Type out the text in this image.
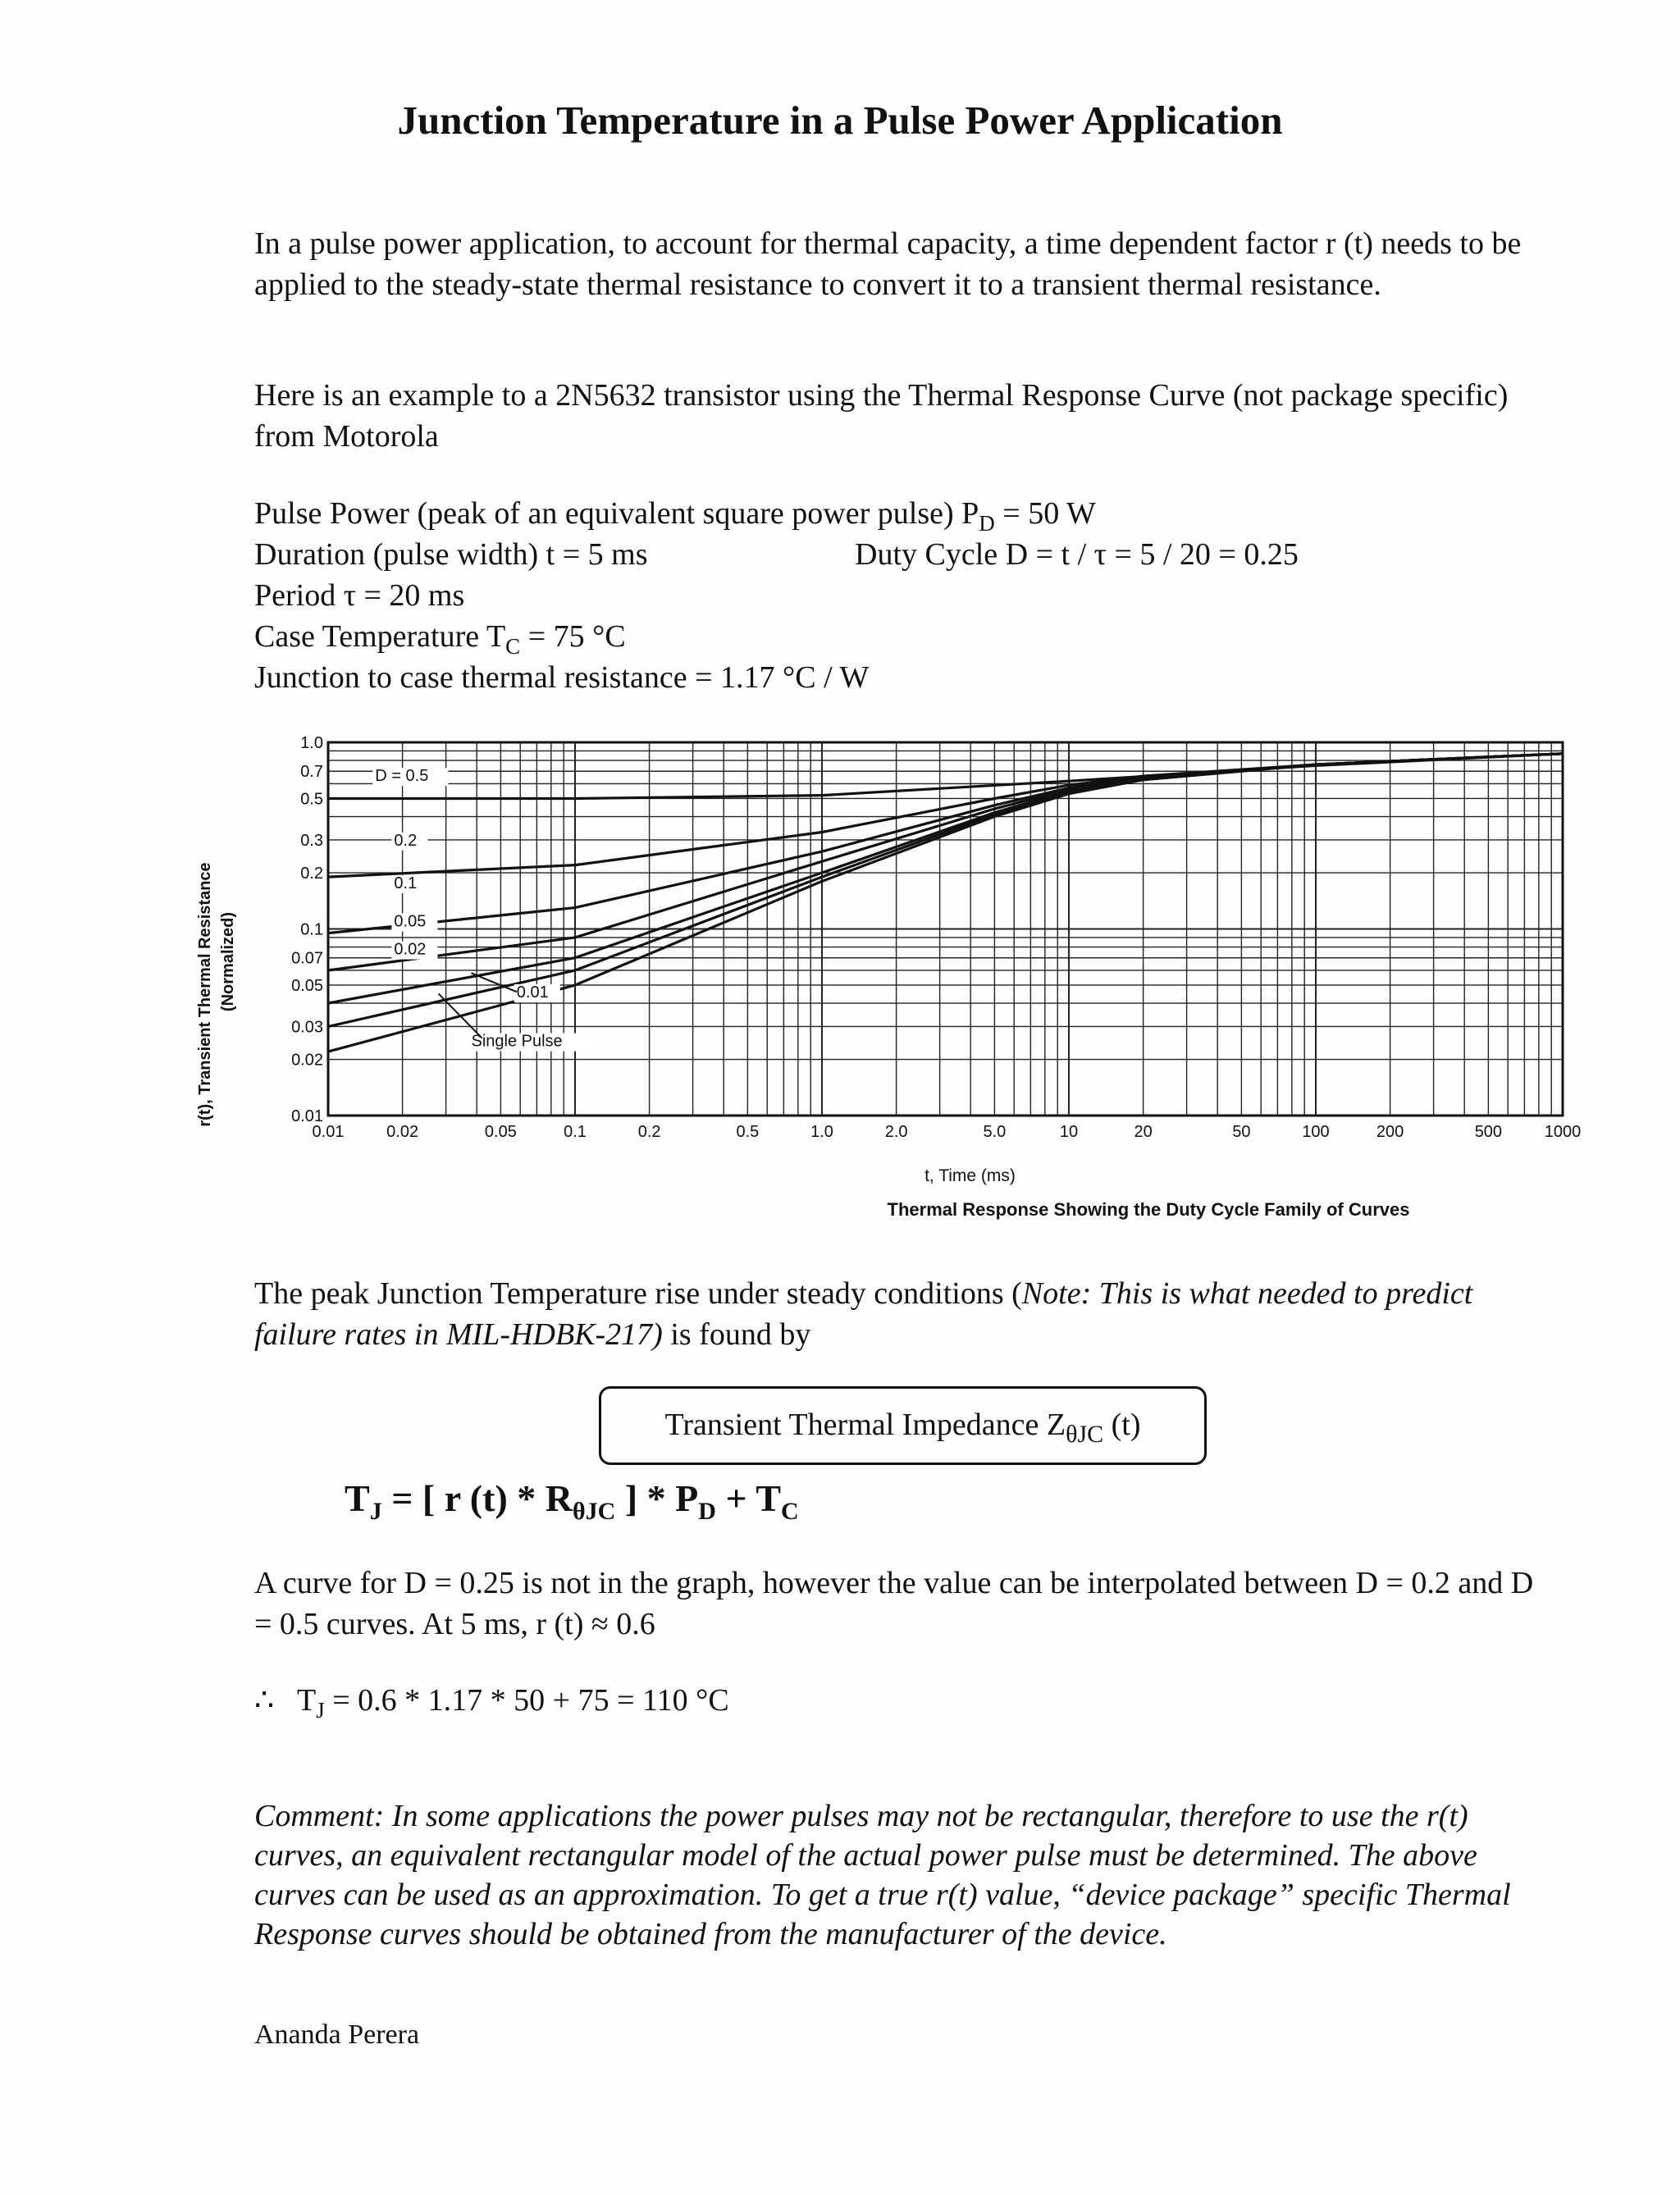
Junction Temperature in a Pulse Power Application
In a pulse power application, to account for thermal capacity, a time dependent factor r (t) needs to be applied to the steady-state thermal resistance to convert it to a transient thermal resistance.
Here is an example to a 2N5632 transistor using the Thermal Response Curve (not package specific) from Motorola
Pulse Power (peak of an equivalent square power pulse) $P_D = 50$ W
Duration (pulse width) t = 5 ms	Duty Cycle D = t / τ = 5 / 20 = 0.25
Period τ = 20 ms
Case Temperature $T_C = 75$ °C
Junction to case thermal resistance = 1.17 °C / W
D = 0.5
0.2
0.1
0.05
0.02
0.01
Single Pulse
0.01
0.02
0.03
0.05
0.07
0.1
0.2
0.3
0.5
0.7
1.0
0.01	0.02	0.05	0.1	0.2	0.5	1.0	2.0	5.0	10	20	50	100	200	500	1000
t, Time (ms)
Thermal Response Showing the Duty Cycle Family of Curves
r(t), Transient Thermal Resistance (Normalized)
The peak Junction Temperature rise under steady conditions (Note: This is what needed to predict failure rates in MIL-HDBK-217) is found by
Transient Thermal Impedance $Z_{\theta JC}$ (t)
$T_J$ = [ r $(t) * R_{\theta JC}$ ] * $P_D + T_C$
A curve for D = 0.25 is not in the graph, however the value can be interpolated between D = 0.2 and D = 0.5 curves. At 5 ms, r (t) ≈ 0.6
∴   $T_J = 0.6 * 1.17 * 50 + 75 = 110$ °C
Comment: In some applications the power pulses may not be rectangular, therefore to use the r(t) curves, an equivalent rectangular model of the actual power pulse must be determined. The above curves can be used as an approximation. To get a true r(t) value, “device package” specific Thermal Response curves should be obtained from the manufacturer of the device.
Ananda Perera
